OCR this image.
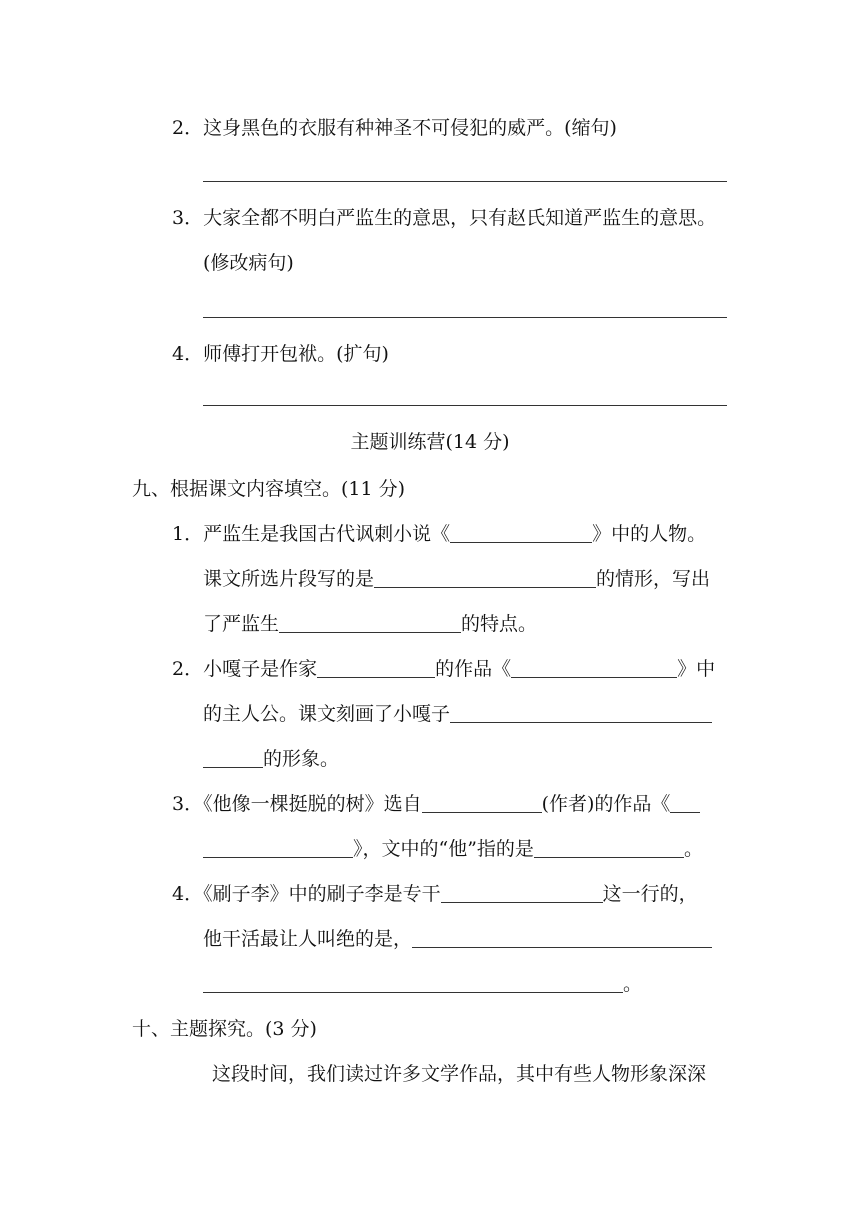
2．这身黑色的衣服有种神圣不可侵犯的威严。(缩句)
3．大家全都不明白严监生的意思，只有赵氏知道严监生的意思。
(修改病句)
4．师傅打开包袱。(扩句)
主题训练营(14 分)
九、根据课文内容填空。(11 分)
1．严监生是我国古代讽刺小说《	》中的人物。
课文所选片段写的是	的情形，写出
了严监生	的特点。
2．小嘎子是作家	的作品《	》中
的主人公。课文刻画了小嘎子
的形象。
3．《他像一棵挺脱的树》选自	(作者)的作品《
》，文中的“他”指的是	。
4．《刷子李》中的刷子李是专干	这一行的，
他干活最让人叫绝的是，
。
十、主题探究。(3 分)
这段时间，我们读过许多文学作品，其中有些人物形象深深
